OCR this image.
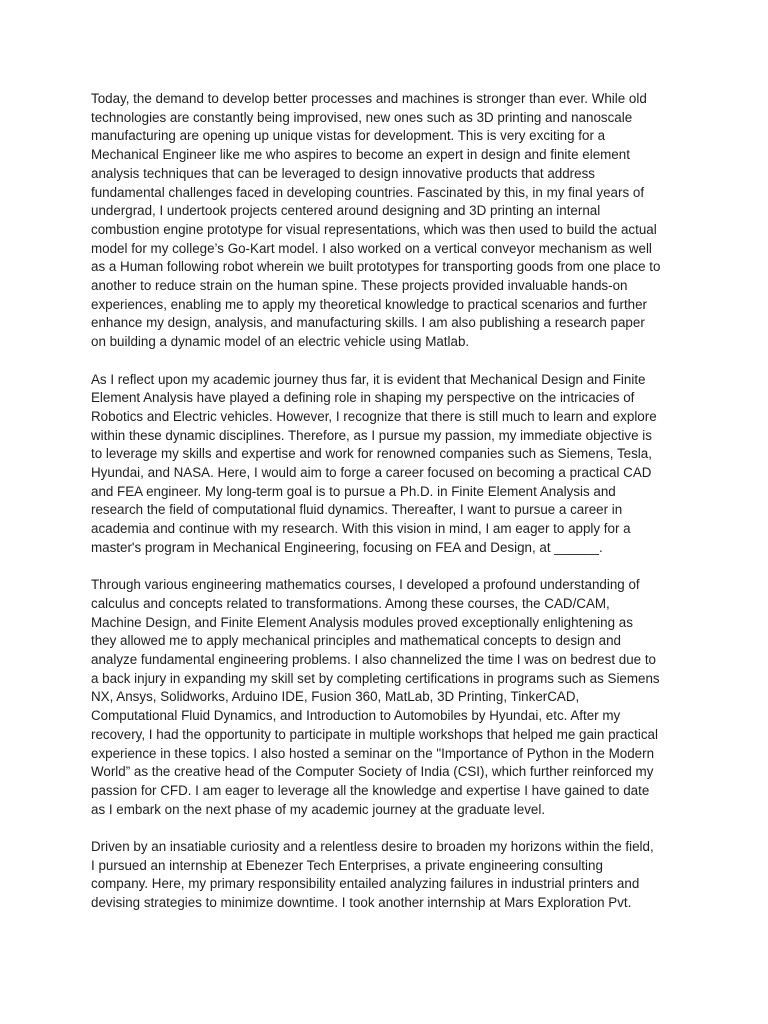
Today, the demand to develop better processes and machines is stronger than ever. While old
technologies are constantly being improvised, new ones such as 3D printing and nanoscale
manufacturing are opening up unique vistas for development. This is very exciting for a
Mechanical Engineer like me who aspires to become an expert in design and finite element
analysis techniques that can be leveraged to design innovative products that address
fundamental challenges faced in developing countries. Fascinated by this, in my final years of
undergrad, I undertook projects centered around designing and 3D printing an internal
combustion engine prototype for visual representations, which was then used to build the actual
model for my college’s Go-Kart model. I also worked on a vertical conveyor mechanism as well
as a Human following robot wherein we built prototypes for transporting goods from one place to
another to reduce strain on the human spine. These projects provided invaluable hands-on
experiences, enabling me to apply my theoretical knowledge to practical scenarios and further
enhance my design, analysis, and manufacturing skills. I am also publishing a research paper
on building a dynamic model of an electric vehicle using Matlab.

As I reflect upon my academic journey thus far, it is evident that Mechanical Design and Finite
Element Analysis have played a defining role in shaping my perspective on the intricacies of
Robotics and Electric vehicles. However, I recognize that there is still much to learn and explore
within these dynamic disciplines. Therefore, as I pursue my passion, my immediate objective is
to leverage my skills and expertise and work for renowned companies such as Siemens, Tesla,
Hyundai, and NASA. Here, I would aim to forge a career focused on becoming a practical CAD
and FEA engineer. My long-term goal is to pursue a Ph.D. in Finite Element Analysis and
research the field of computational fluid dynamics. Thereafter, I want to pursue a career in
academia and continue with my research. With this vision in mind, I am eager to apply for a
master's program in Mechanical Engineering, focusing on FEA and Design, at ______.

Through various engineering mathematics courses, I developed a profound understanding of
calculus and concepts related to transformations. Among these courses, the CAD/CAM,
Machine Design, and Finite Element Analysis modules proved exceptionally enlightening as
they allowed me to apply mechanical principles and mathematical concepts to design and
analyze fundamental engineering problems. I also channelized the time I was on bedrest due to
a back injury in expanding my skill set by completing certifications in programs such as Siemens
NX, Ansys, Solidworks, Arduino IDE, Fusion 360, MatLab, 3D Printing, TinkerCAD,
Computational Fluid Dynamics, and Introduction to Automobiles by Hyundai, etc. After my
recovery, I had the opportunity to participate in multiple workshops that helped me gain practical
experience in these topics. I also hosted a seminar on the "Importance of Python in the Modern
World” as the creative head of the Computer Society of India (CSI), which further reinforced my
passion for CFD. I am eager to leverage all the knowledge and expertise I have gained to date
as I embark on the next phase of my academic journey at the graduate level.

Driven by an insatiable curiosity and a relentless desire to broaden my horizons within the field,
I pursued an internship at Ebenezer Tech Enterprises, a private engineering consulting
company. Here, my primary responsibility entailed analyzing failures in industrial printers and
devising strategies to minimize downtime. I took another internship at Mars Exploration Pvt.
